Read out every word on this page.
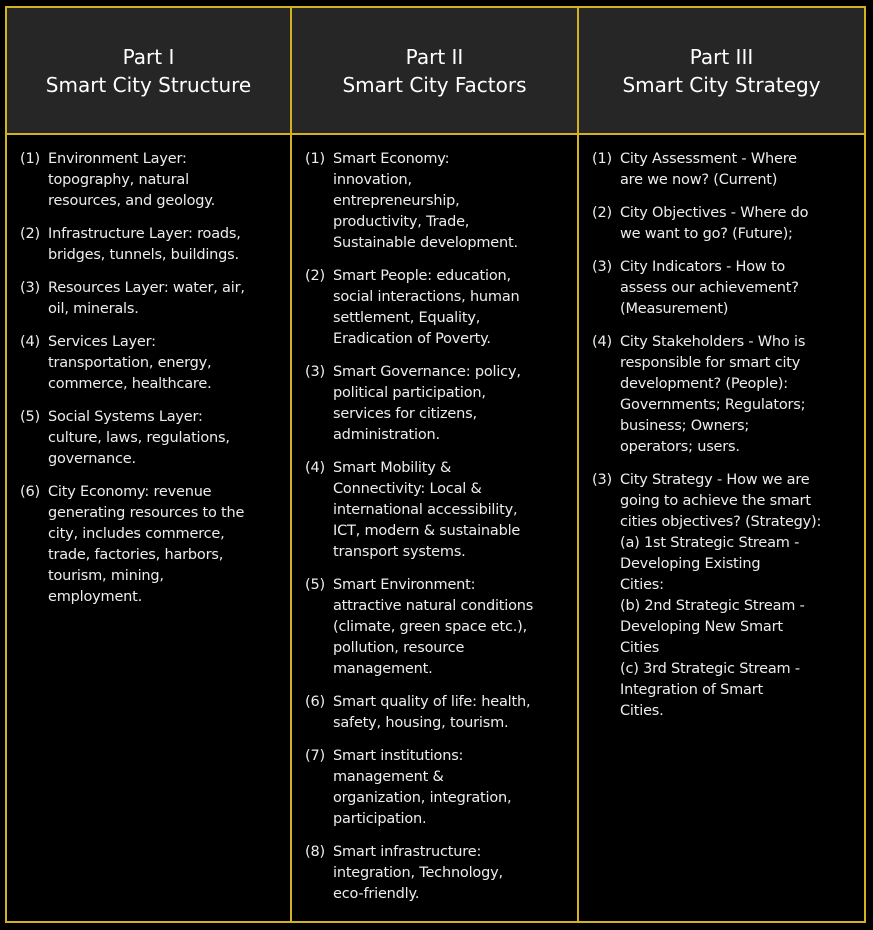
Part I
Smart City Structure
Part II
Smart City Factors
Part III
Smart City Strategy
(1) Environment Layer:
topography, natural
resources, and geology.
(2) Infrastructure Layer: roads,
bridges, tunnels, buildings.
(3) Resources Layer: water, air,
oil, minerals.
(4) Services Layer:
transportation, energy,
commerce, healthcare.
(5) Social Systems Layer:
culture, laws, regulations,
governance.
(6) City Economy: revenue
generating resources to the
city, includes commerce,
trade, factories, harbors,
tourism, mining,
employment.
(1) Smart Economy:
innovation,
entrepreneurship,
productivity, Trade,
Sustainable development.
(2) Smart People: education,
social interactions, human
settlement, Equality,
Eradication of Poverty.
(3) Smart Governance: policy,
political participation,
services for citizens,
administration.
(4) Smart Mobility &
Connectivity: Local &
international accessibility,
ICT, modern & sustainable
transport systems.
(5) Smart Environment:
attractive natural conditions
(climate, green space etc.),
pollution, resource
management.
(6) Smart quality of life: health,
safety, housing, tourism.
(7) Smart institutions:
management &
organization, integration,
participation.
(8) Smart infrastructure:
integration, Technology,
eco-friendly.
(1) City Assessment - Where
are we now? (Current)
(2) City Objectives - Where do
we want to go? (Future);
(3) City Indicators - How to
assess our achievement?
(Measurement)
(4) City Stakeholders - Who is
responsible for smart city
development? (People):
Governments; Regulators;
business; Owners;
operators; users.
(3) City Strategy - How we are
going to achieve the smart
cities objectives? (Strategy):
(a) 1st Strategic Stream -
Developing Existing
Cities:
(b) 2nd Strategic Stream -
Developing New Smart
Cities
(c) 3rd Strategic Stream -
Integration of Smart
Cities.
